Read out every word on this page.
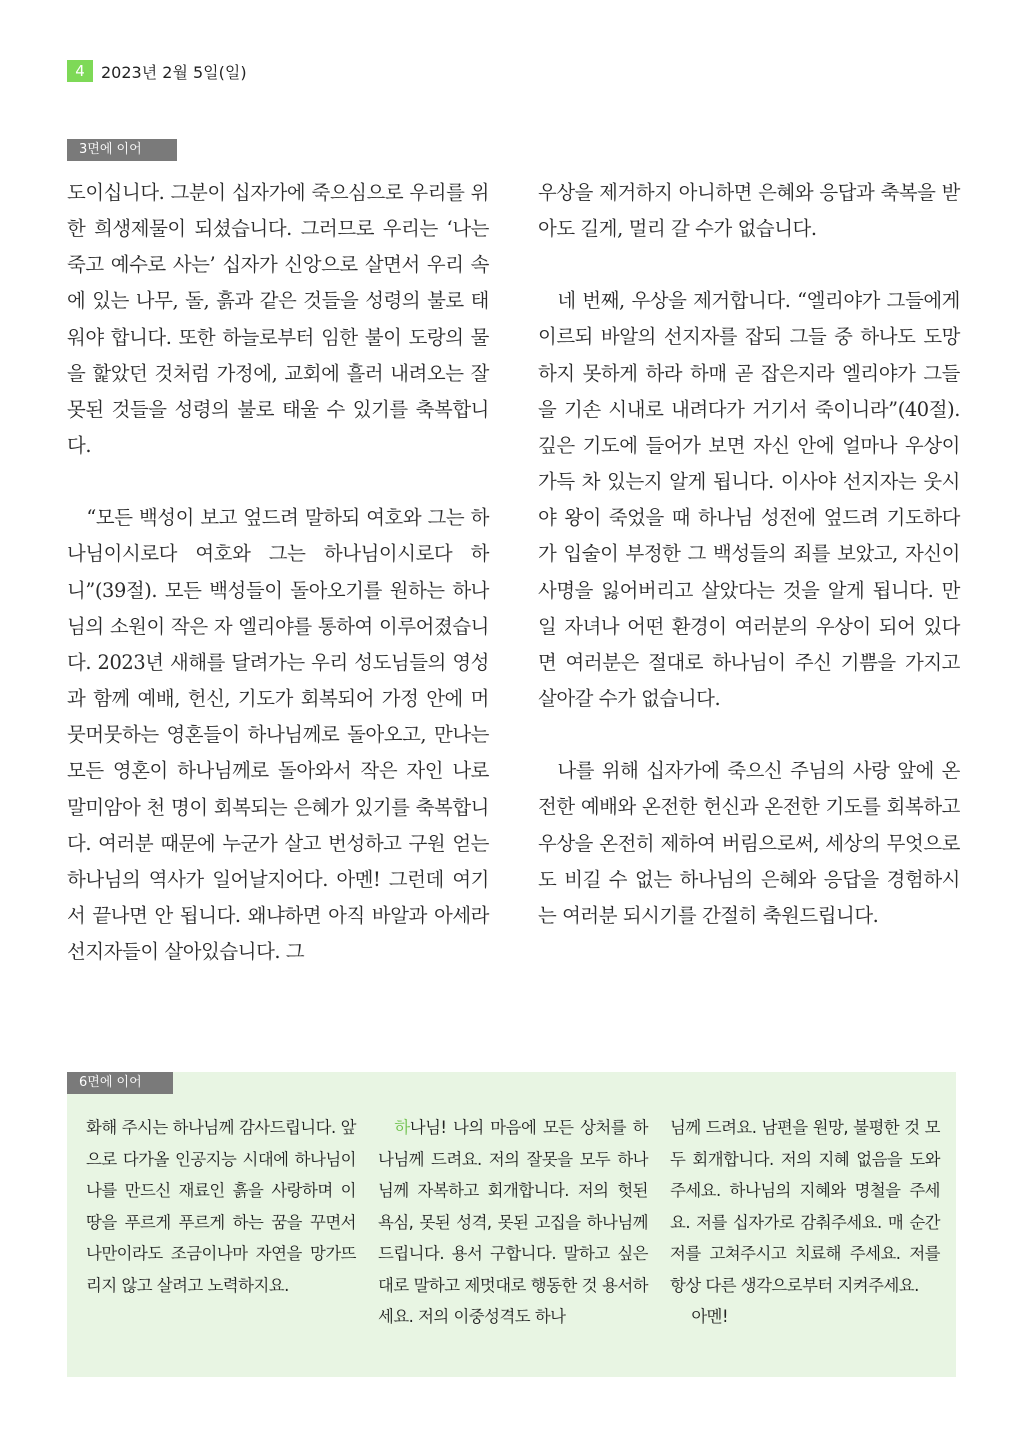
4	2023년 2월 5일(일)
3면에 이어

도이십니다. 그분이 십자가에 죽으심으로 우리를 위한 희생제물이 되셨습니다. 그러므로 우리는 ‘나는 죽고 예수로 사는’ 십자가 신앙으로 살면서 우리 속에 있는 나무, 돌, 흙과 같은 것들을 성령의 불로 태워야 합니다. 또한 하늘로부터 임한 불이 도랑의 물을 핥았던 것처럼 가정에, 교회에 흘러 내려오는 잘못된 것들을 성령의 불로 태울 수 있기를 축복합니다.

“모든 백성이 보고 엎드려 말하되 여호와 그는 하나님이시로다 여호와 그는 하나님이시로다 하니”(39절). 모든 백성들이 돌아오기를 원하는 하나님의 소원이 작은 자 엘리야를 통하여 이루어졌습니다. 2023년 새해를 달려가는 우리 성도님들의 영성과 함께 예배, 헌신, 기도가 회복되어 가정 안에 머뭇머뭇하는 영혼들이 하나님께로 돌아오고, 만나는 모든 영혼이 하나님께로 돌아와서 작은 자인 나로 말미암아 천 명이 회복되는 은혜가 있기를 축복합니다. 여러분 때문에 누군가 살고 번성하고 구원 얻는 하나님의 역사가 일어날지어다. 아멘! 그런데 여기서 끝나면 안 됩니다. 왜냐하면 아직 바알과 아세라 선지자들이 살아있습니다. 그

우상을 제거하지 아니하면 은혜와 응답과 축복을 받아도 길게, 멀리 갈 수가 없습니다.

네 번째, 우상을 제거합니다. “엘리야가 그들에게 이르되 바알의 선지자를 잡되 그들 중 하나도 도망하지 못하게 하라 하매 곧 잡은지라 엘리야가 그들을 기손 시내로 내려다가 거기서 죽이니라”(40절). 깊은 기도에 들어가 보면 자신 안에 얼마나 우상이 가득 차 있는지 알게 됩니다. 이사야 선지자는 웃시야 왕이 죽었을 때 하나님 성전에 엎드려 기도하다가 입술이 부정한 그 백성들의 죄를 보았고, 자신이 사명을 잃어버리고 살았다는 것을 알게 됩니다. 만일 자녀나 어떤 환경이 여러분의 우상이 되어 있다면 여러분은 절대로 하나님이 주신 기쁨을 가지고 살아갈 수가 없습니다.

나를 위해 십자가에 죽으신 주님의 사랑 앞에 온전한 예배와 온전한 헌신과 온전한 기도를 회복하고 우상을 온전히 제하여 버림으로써, 세상의 무엇으로도 비길 수 없는 하나님의 은혜와 응답을 경험하시는 여러분 되시기를 간절히 축원드립니다.

6면에 이어

화해 주시는 하나님께 감사드립니다. 앞으로 다가올 인공지능 시대에 하나님이 나를 만드신 재료인 흙을 사랑하며 이 땅을 푸르게 푸르게 하는 꿈을 꾸면서 나만이라도 조금이나마 자연을 망가뜨리지 않고 살려고 노력하지요.

하나님! 나의 마음에 모든 상처를 하나님께 드려요. 저의 잘못을 모두 하나님께 자복하고 회개합니다. 저의 헛된 욕심, 못된 성격, 못된 고집을 하나님께 드립니다. 용서 구합니다. 말하고 싶은 대로 말하고 제멋대로 행동한 것 용서하세요. 저의 이중성격도 하나

님께 드려요. 남편을 원망, 불평한 것 모두 회개합니다. 저의 지혜 없음을 도와주세요. 하나님의 지혜와 명철을 주세요. 저를 십자가로 감춰주세요. 매 순간 저를 고쳐주시고 치료해 주세요. 저를 항상 다른 생각으로부터 지켜주세요.

아멘!
